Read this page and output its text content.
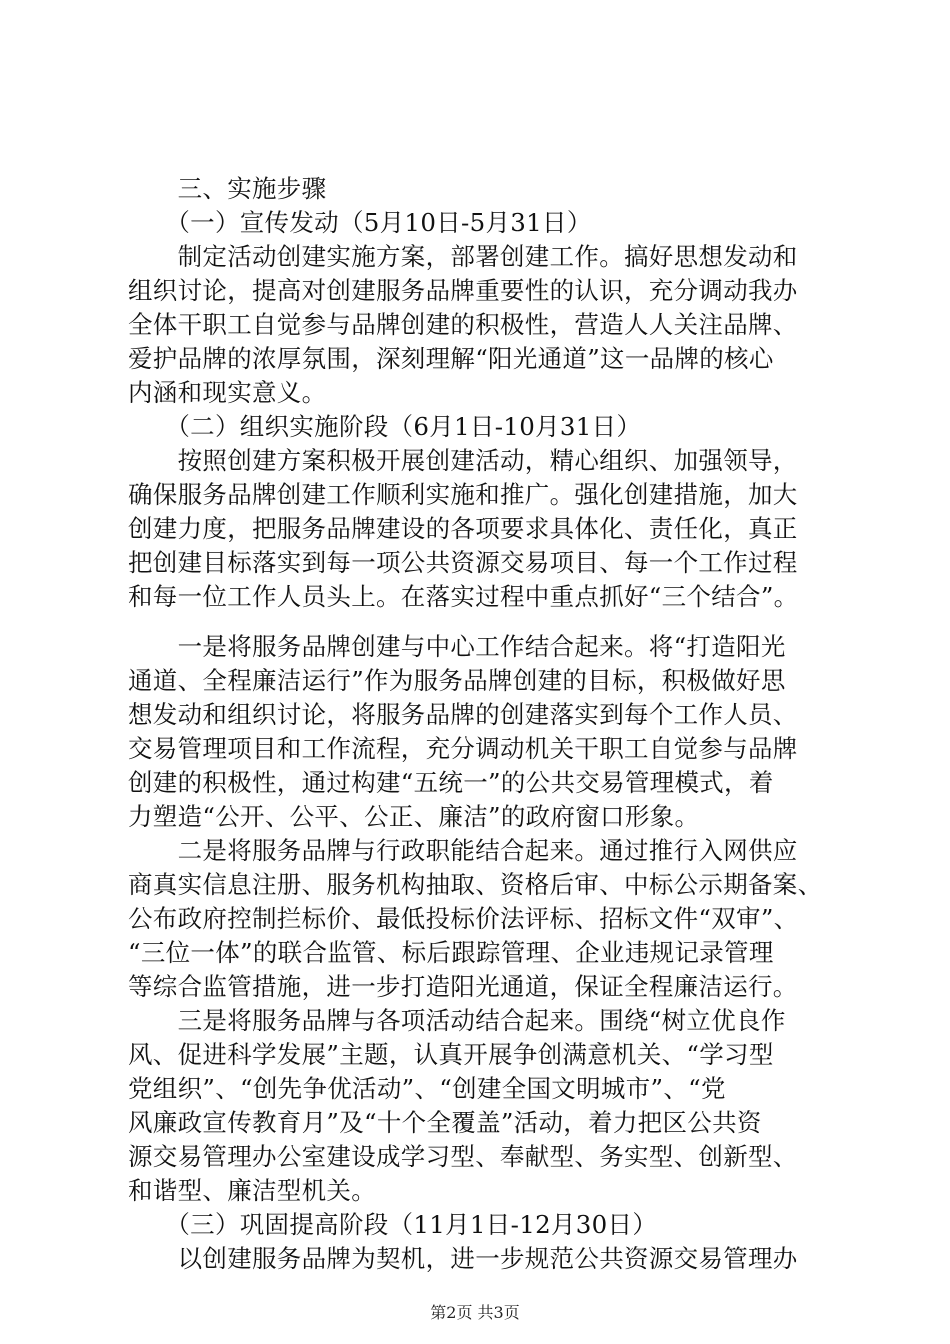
　　三、实施步骤
　　（一）宣传发动（5月10日-5月31日）
　　制定活动创建实施方案，部署创建工作。搞好思想发动和
组织讨论，提高对创建服务品牌重要性的认识，充分调动我办
全体干职工自觉参与品牌创建的积极性，营造人人关注品牌、
爱护品牌的浓厚氛围，深刻理解“阳光通道”这一品牌的核心
内涵和现实意义。
　　（二）组织实施阶段（6月1日-10月31日）
　　按照创建方案积极开展创建活动，精心组织、加强领导，
确保服务品牌创建工作顺利实施和推广。强化创建措施，加大
创建力度，把服务品牌建设的各项要求具体化、责任化，真正
把创建目标落实到每一项公共资源交易项目、每一个工作过程
和每一位工作人员头上。在落实过程中重点抓好“三个结合”。
　　一是将服务品牌创建与中心工作结合起来。将“打造阳光
通道、全程廉洁运行”作为服务品牌创建的目标，积极做好思
想发动和组织讨论，将服务品牌的创建落实到每个工作人员、
交易管理项目和工作流程，充分调动机关干职工自觉参与品牌
创建的积极性，通过构建“五统一”的公共交易管理模式，着
力塑造“公开、公平、公正、廉洁”的政府窗口形象。
　　二是将服务品牌与行政职能结合起来。通过推行入网供应
商真实信息注册、服务机构抽取、资格后审、中标公示期备案、
公布政府控制拦标价、最低投标价法评标、招标文件“双审”、
“三位一体”的联合监管、标后跟踪管理、企业违规记录管理
等综合监管措施，进一步打造阳光通道，保证全程廉洁运行。
　　三是将服务品牌与各项活动结合起来。围绕“树立优良作
风、促进科学发展”主题，认真开展争创满意机关、“学习型
党组织”、“创先争优活动”、“创建全国文明城市”、“党
风廉政宣传教育月”及“十个全覆盖”活动，着力把区公共资
源交易管理办公室建设成学习型、奉献型、务实型、创新型、
和谐型、廉洁型机关。
　　（三）巩固提高阶段（11月1日-12月30日）
　　以创建服务品牌为契机，进一步规范公共资源交易管理办
第2页 共3页
